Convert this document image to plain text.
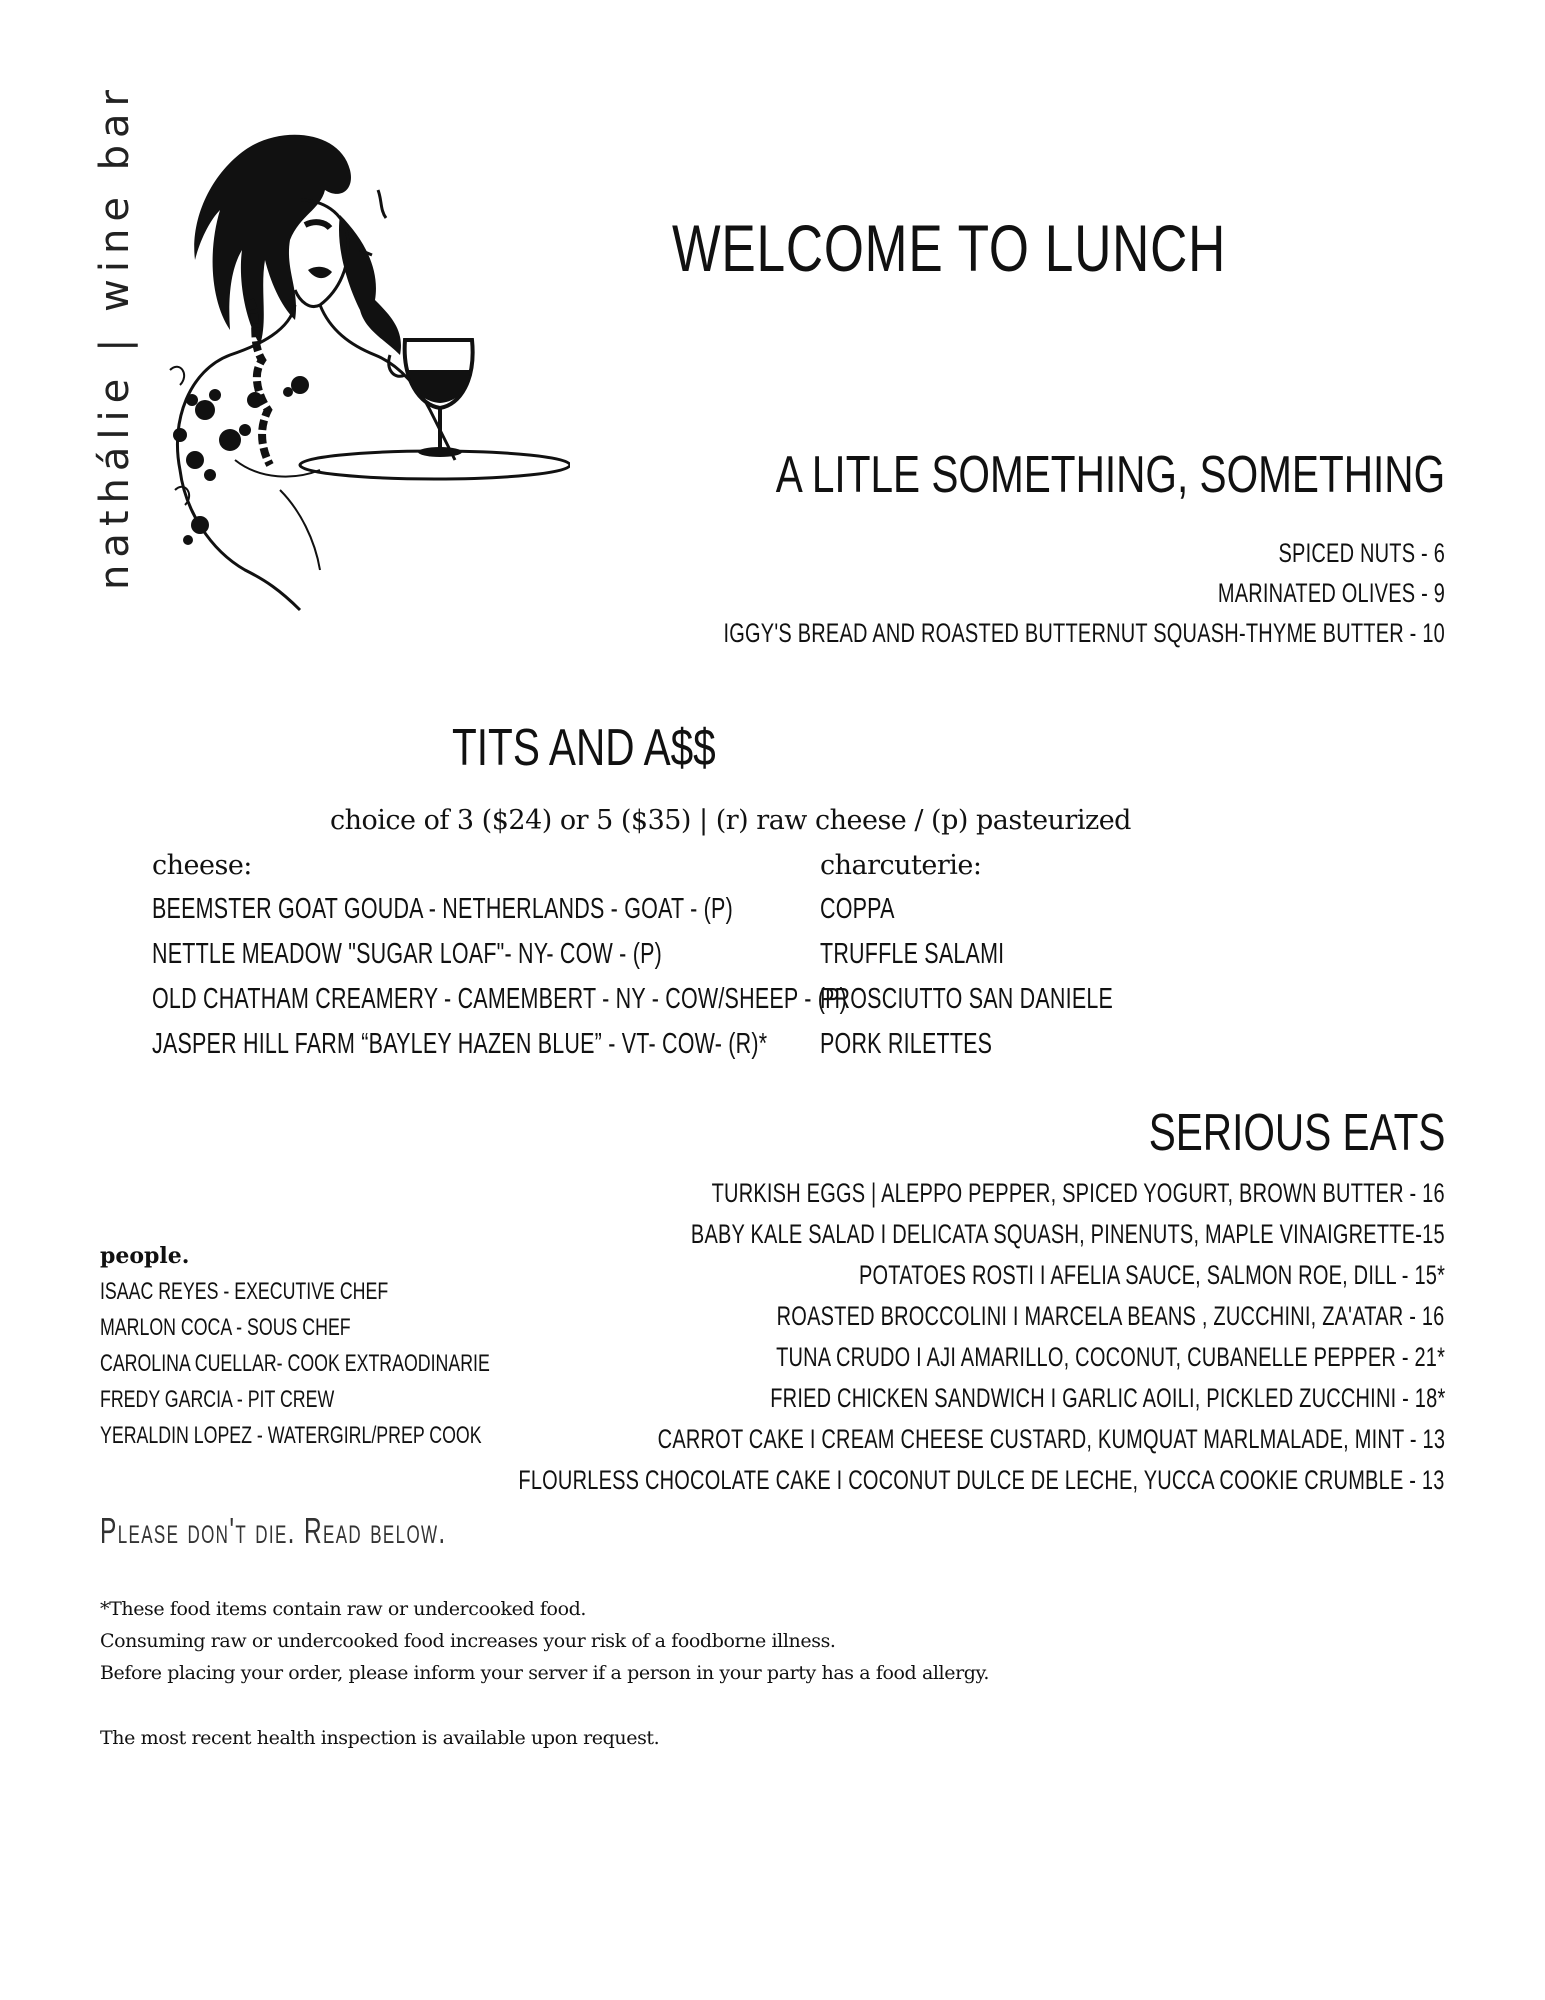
nathálie | wine bar	WELCOME TO LUNCH
A LITLE SOMETHING, SOMETHING
SPICED NUTS - 6
MARINATED OLIVES - 9
IGGY'S BREAD AND ROASTED BUTTERNUT SQUASH-THYME BUTTER - 10
TITS AND A$$
choice of 3 ($24) or 5 ($35) | (r) raw cheese / (p) pasteurized
cheese:
BEEMSTER GOAT GOUDA - NETHERLANDS - GOAT - (P)
NETTLE MEADOW "SUGAR LOAF"- NY- COW - (P)
OLD CHATHAM CREAMERY - CAMEMBERT - NY - COW/SHEEP - (P)
JASPER HILL FARM “BAYLEY HAZEN BLUE” - VT- COW- (R)*
charcuterie:
COPPA
TRUFFLE SALAMI
PROSCIUTTO SAN DANIELE
PORK RILETTES
SERIOUS EATS
TURKISH EGGS | ALEPPO PEPPER, SPICED YOGURT, BROWN BUTTER - 16
BABY KALE SALAD I DELICATA SQUASH, PINENUTS, MAPLE VINAIGRETTE-15
POTATOES ROSTI I AFELIA SAUCE, SALMON ROE, DILL - 15*
ROASTED BROCCOLINI I MARCELA BEANS , ZUCCHINI, ZA'ATAR - 16
TUNA CRUDO I AJI AMARILLO, COCONUT, CUBANELLE PEPPER - 21*
FRIED CHICKEN SANDWICH I GARLIC AOILI, PICKLED ZUCCHINI - 18*
CARROT CAKE I CREAM CHEESE CUSTARD, KUMQUAT MARLMALADE, MINT - 13
FLOURLESS CHOCOLATE CAKE I COCONUT DULCE DE LECHE, YUCCA COOKIE CRUMBLE - 13
people.
ISAAC REYES - EXECUTIVE CHEF
MARLON COCA - SOUS CHEF
CAROLINA CUELLAR- COOK EXTRAODINARIE
FREDY GARCIA - PIT CREW
YERALDIN LOPEZ - WATERGIRL/PREP COOK
Please don't die. Read below.
*These food items contain raw or undercooked food.
Consuming raw or undercooked food increases your risk of a foodborne illness.
Before placing your order, please inform your server if a person in your party has a food allergy.
The most recent health inspection is available upon request.
